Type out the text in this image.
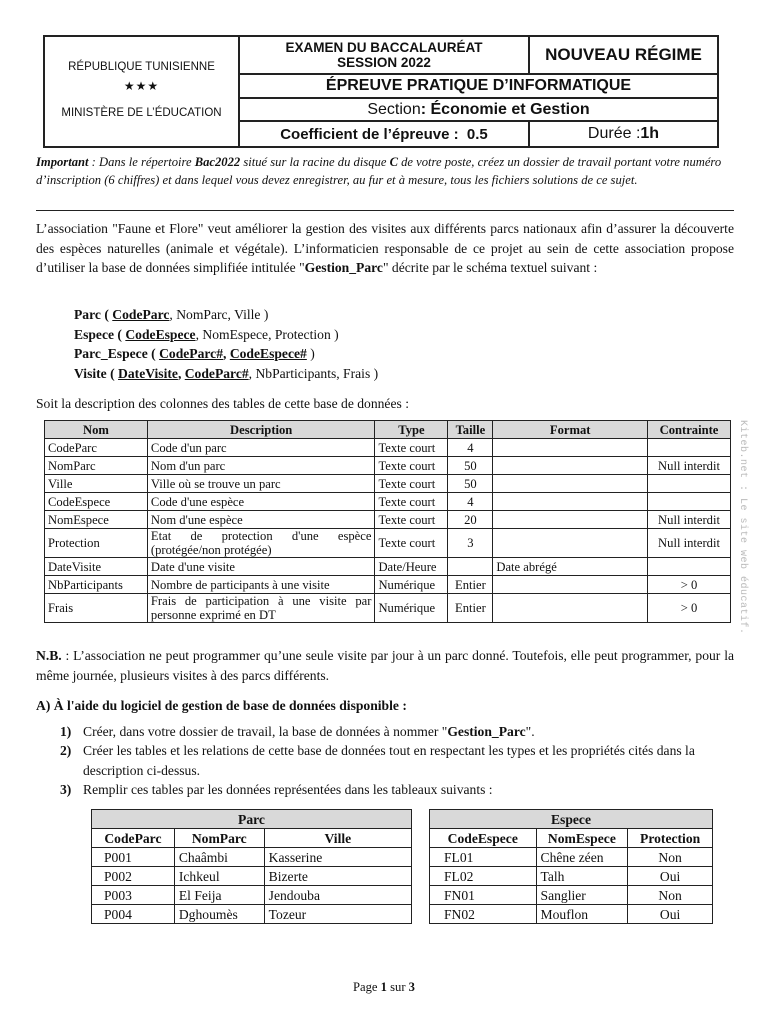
RÉPUBLIQUE TUNISIENNE
★★★
MINISTÈRE DE L’ÉDUCATION
EXAMEN DU BACCALAURÉAT
SESSION 2022	NOUVEAU RÉGIME
ÉPREUVE PRATIQUE D’INFORMATIQUE
Section : Économie et Gestion
Coefficient de l’épreuve :
0.5	Durée : 1h
Important : Dans le répertoire Bac2022 situé sur la racine du disque C de votre poste, créez un dossier de travail portant votre numéro d’inscription (6 chiffres) et dans lequel vous devez enregistrer, au fur et à mesure, tous les fichiers solutions de ce sujet.
L’association "Faune et Flore" veut améliorer la gestion des visites aux différents parcs nationaux afin d’assurer la découverte des espèces naturelles (animale et végétale). L’informaticien responsable de ce projet au sein de cette association propose d’utiliser la base de données simplifiée intitulée "Gestion_Parc" décrite par le schéma textuel suivant :
Parc ( CodeParc, NomParc, Ville )
Espece ( CodeEspece, NomEspece, Protection )
Parc_Espece ( CodeParc#, CodeEspece# )
Visite ( DateVisite, CodeParc#, NbParticipants, Frais )
Soit la description des colonnes des tables de cette base de données :
Nom	Description	Type	Taille	Format	Contrainte
CodeParc	Code d'un parc	Texte court	4		
NomParc	Nom d'un parc	Texte court	50		Null interdit
Ville	Ville où se trouve un parc	Texte court	50		
CodeEspece	Code d'une espèce	Texte court	4		
NomEspece	Nom d'une espèce	Texte court	20		Null interdit
Protection	Etat de protection d'une espèce (protégée/non protégée)	Texte court	3		Null interdit
DateVisite	Date d'une visite	Date/Heure		Date abrégé	
NbParticipants	Nombre de participants à une visite	Numérique	Entier		> 0
Frais	Frais de participation à une visite par personne exprimé en DT	Numérique	Entier		> 0
N.B. : L’association ne peut programmer qu’une seule visite par jour à un parc donné. Toutefois, elle peut programmer, pour la même journée, plusieurs visites à des parcs différents.
A) À l'aide du logiciel de gestion de base de données disponible :
1) Créer, dans votre dossier de travail, la base de données à nommer "Gestion_Parc".
2) Créer les tables et les relations de cette base de données tout en respectant les types et les propriétés cités dans la description ci-dessus.
3) Remplir ces tables par les données représentées dans les tableaux suivants :
Parc		
CodeParc	NomParc	Ville
P001	Chaâmbi	Kasserine
P002	Ichkeul	Bizerte
P003	El Feija	Jendouba
P004	Dghoumès	Tozeur
Espece		
CodeEspece	NomEspece	Protection
FL01	Chêne zéen	Non
FL02	Talh	Oui
FN01	Sanglier	Non
FN02	Mouflon	Oui
Page 1 sur 3
Kiteb.net : Le site web éducatif.
